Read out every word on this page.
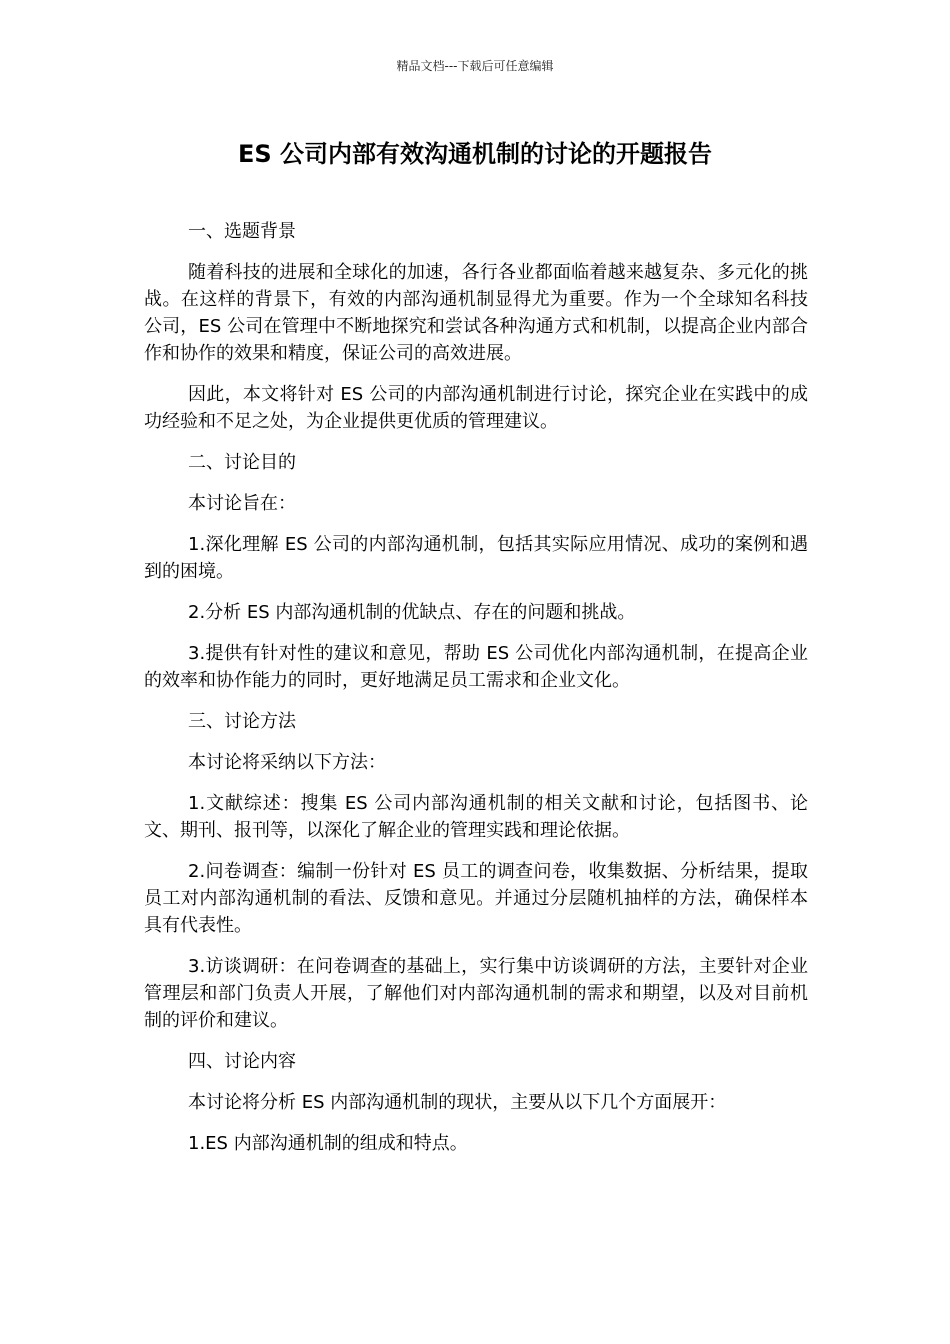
精品文档---下载后可任意编辑
ES 公司内部有效沟通机制的讨论的开题报告

一、选题背景

随着科技的进展和全球化的加速，各行各业都面临着越来越复杂、多元化的挑战。在这样的背景下，有效的内部沟通机制显得尤为重要。作为一个全球知名科技公司，ES 公司在管理中不断地探究和尝试各种沟通方式和机制，以提高企业内部合作和协作的效果和精度，保证公司的高效进展。

因此，本文将针对 ES 公司的内部沟通机制进行讨论，探究企业在实践中的成功经验和不足之处，为企业提供更优质的管理建议。

二、讨论目的

本讨论旨在：

1.深化理解 ES 公司的内部沟通机制，包括其实际应用情况、成功的案例和遇到的困境。

2.分析 ES 内部沟通机制的优缺点、存在的问题和挑战。

3.提供有针对性的建议和意见，帮助 ES 公司优化内部沟通机制，在提高企业的效率和协作能力的同时，更好地满足员工需求和企业文化。

三、讨论方法

本讨论将采纳以下方法：

1.文献综述：搜集 ES 公司内部沟通机制的相关文献和讨论，包括图书、论文、期刊、报刊等，以深化了解企业的管理实践和理论依据。

2.问卷调查：编制一份针对 ES 员工的调查问卷，收集数据、分析结果，提取员工对内部沟通机制的看法、反馈和意见。并通过分层随机抽样的方法，确保样本具有代表性。

3.访谈调研：在问卷调查的基础上，实行集中访谈调研的方法，主要针对企业管理层和部门负责人开展，了解他们对内部沟通机制的需求和期望，以及对目前机制的评价和建议。

四、讨论内容

本讨论将分析 ES 内部沟通机制的现状，主要从以下几个方面展开：

1.ES 内部沟通机制的组成和特点。
